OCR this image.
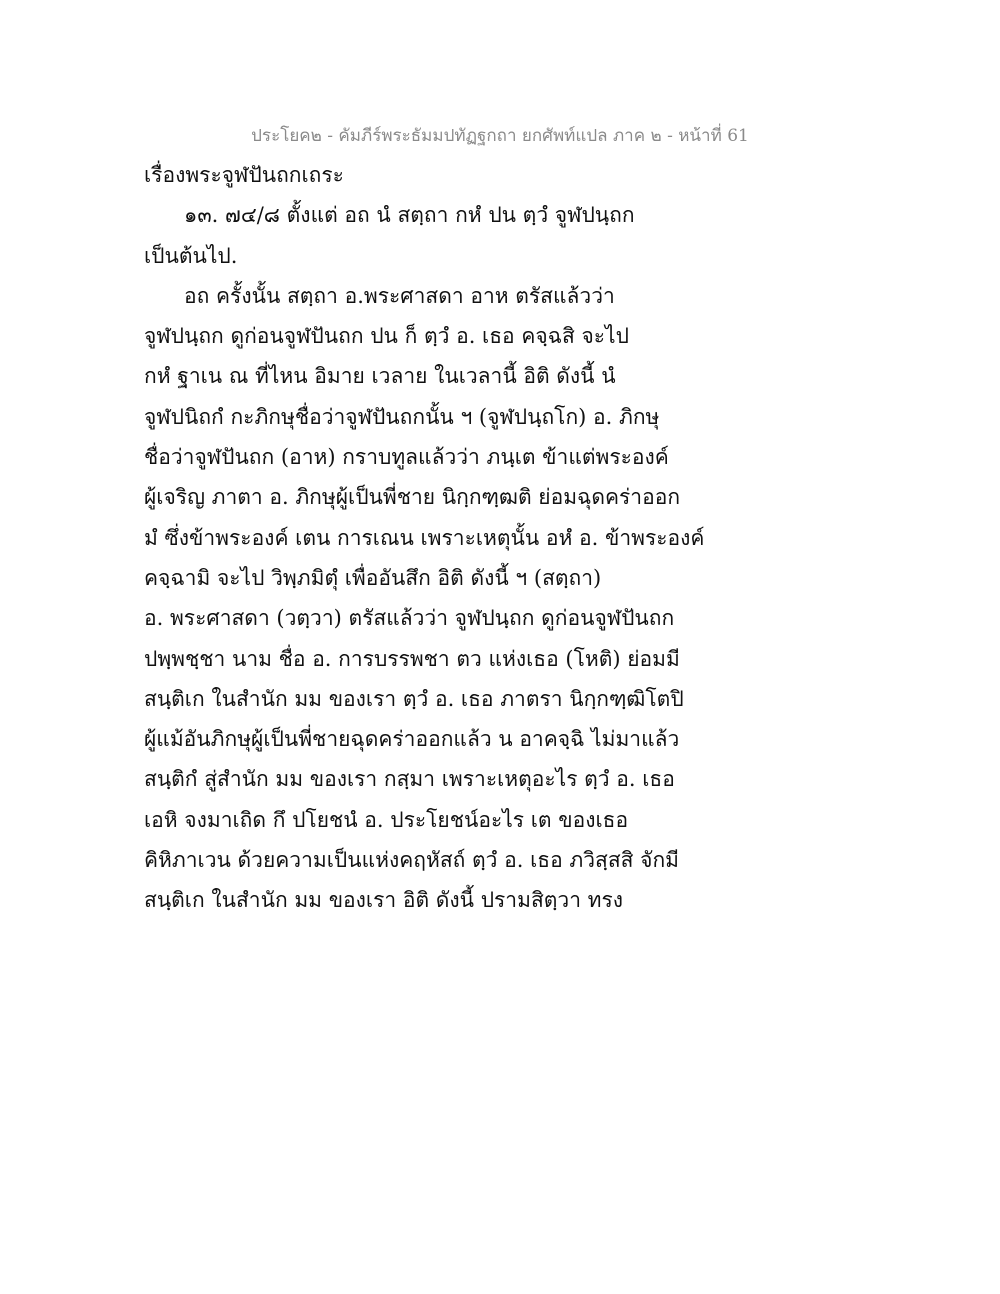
ประโยค๒ - คัมภีร์พระธัมมปทัฏฐกถา ยกศัพท์แปล ภาค ๒ - หน้าที่ 61
เรื่องพระจูฬปันถกเถระ
๑๓. ๗๔/๘ ตั้งแต่ อถ นํ สตฺถา กหํ ปน ตฺวํ จูฬปนฺถก
เป็นต้นไป.
อถ ครั้งนั้น สตฺถา อ.พระศาสดา อาห ตรัสแล้วว่า
จูฬปนฺถก ดูก่อนจูฬปันถก ปน ก็ ตฺวํ อ. เธอ คจฺฉสิ จะไป
กหํ ฐาเน ณ ที่ไหน อิมาย เวลาย ในเวลานี้ อิติ ดังนี้ นํ
จูฬปนิถกํ กะภิกษุชื่อว่าจูฬปันถกนั้น ฯ (จูฬปนฺถโก) อ. ภิกษุ
ชื่อว่าจูฬปันถก (อาห) กราบทูลแล้วว่า ภนฺเต ข้าแต่พระองค์
ผู้เจริญ ภาตา อ. ภิกษุผู้เป็นพี่ชาย นิกฺกฑฺฒติ ย่อมฉุดคร่าออก
มํ ซึ่งข้าพระองค์ เตน การเณน เพราะเหตุนั้น อหํ อ. ข้าพระองค์
คจฺฉามิ จะไป วิพฺภมิตุํ เพื่ออันสึก อิติ ดังนี้ ฯ (สตฺถา)
อ. พระศาสดา (วตฺวา) ตรัสแล้วว่า จูฬปนฺถก ดูก่อนจูฬปันถก
ปพฺพชฺชา นาม ชื่อ อ. การบรรพชา ตว แห่งเธอ (โหติ) ย่อมมี
สนฺติเก ในสำนัก มม ของเรา ตฺวํ อ. เธอ ภาตรา นิกฺกฑฺฒิโตปิ
ผู้แม้อันภิกษุผู้เป็นพี่ชายฉุดคร่าออกแล้ว น อาคจฺฉิ ไม่มาแล้ว
สนฺติกํ สู่สำนัก มม ของเรา กสฺมา เพราะเหตุอะไร ตฺวํ อ. เธอ
เอหิ จงมาเถิด กึ ปโยชนํ อ. ประโยชน์อะไร เต ของเธอ
คิหิภาเวน ด้วยความเป็นแห่งคฤหัสถ์ ตฺวํ อ. เธอ ภวิสฺสสิ จักมี
สนฺติเก ในสำนัก มม ของเรา อิติ ดังนี้ ปรามสิตฺวา ทรง
